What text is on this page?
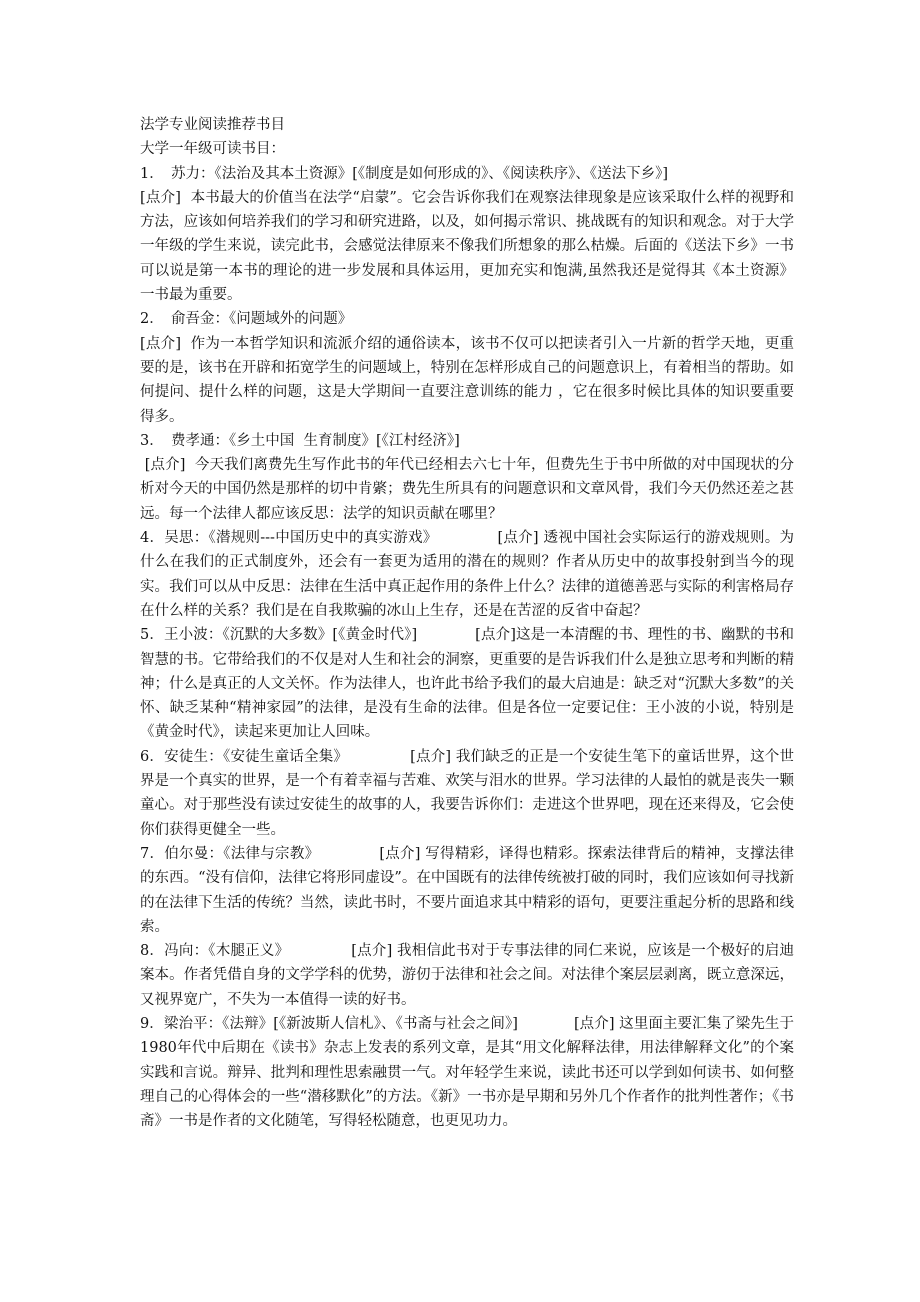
法学专业阅读推荐书目
大学一年级可读书目：

1．　苏力：《法治及其本土资源》[《制度是如何形成的》、《阅读秩序》、《送法下乡》]
[点介]  本书最大的价值当在法学“启蒙”。它会告诉你我们在观察法律现象是应该采取什么样的视野和方法，应该如何培养我们的学习和研究进路，以及，如何揭示常识、挑战既有的知识和观念。对于大学一年级的学生来说，读完此书，会感觉法律原来不像我们所想象的那么枯燥。后面的《送法下乡》一书可以说是第一本书的理论的进一步发展和具体运用，更加充实和饱满,虽然我还是觉得其《本土资源》一书最为重要。

2．　俞吾金：《问题域外的问题》
[点介]  作为一本哲学知识和流派介绍的通俗读本，该书不仅可以把读者引入一片新的哲学天地，更重要的是，该书在开辟和拓宽学生的问题域上，特别在怎样形成自己的问题意识上，有着相当的帮助。如何提问、提什么样的问题，这是大学期间一直要注意训练的能力 ，它在很多时候比具体的知识要重要得多。

3．　费孝通：《乡土中国  生育制度》[《江村经济》]
[点介]  今天我们离费先生写作此书的年代已经相去六七十年，但费先生于书中所做的对中国现状的分析对今天的中国仍然是那样的切中肯綮；费先生所具有的问题意识和文章风骨，我们今天仍然还差之甚远。每一个法律人都应该反思：法学的知识贡献在哪里？

4．吴思：《潜规则---中国历史中的真实游戏》	[点介] 透视中国社会实际运行的游戏规则。为什么在我们的正式制度外，还会有一套更为适用的潜在的规则？作者从历史中的故事投射到当今的现实。我们可以从中反思：法律在生活中真正起作用的条件上什么？法律的道德善恶与实际的利害格局存在什么样的关系？我们是在自我欺骗的冰山上生存，还是在苦涩的反省中奋起？

5．王小波：《沉默的大多数》[《黄金时代》]	[点介]这是一本清醒的书、理性的书、幽默的书和智慧的书。它带给我们的不仅是对人生和社会的洞察，更重要的是告诉我们什么是独立思考和判断的精神；什么是真正的人文关怀。作为法律人，也许此书给予我们的最大启迪是：缺乏对“沉默大多数”的关怀、缺乏某种“精神家园”的法律，是没有生命的法律。但是各位一定要记住：王小波的小说，特别是《黄金时代》，读起来更加让人回味。

6．安徒生：《安徒生童话全集》	[点介] 我们缺乏的正是一个安徒生笔下的童话世界，这个世界是一个真实的世界，是一个有着幸福与苦难、欢笑与泪水的世界。学习法律的人最怕的就是丧失一颗童心。对于那些没有读过安徒生的故事的人，我要告诉你们：走进这个世界吧，现在还来得及，它会使你们获得更健全一些。

7．伯尔曼：《法律与宗教》	[点介] 写得精彩，译得也精彩。探索法律背后的精神，支撑法律的东西。“没有信仰，法律它将形同虚设”。在中国既有的法律传统被打破的同时，我们应该如何寻找新的在法律下生活的传统？当然，读此书时，不要片面追求其中精彩的语句，更要注重起分析的思路和线索。

8．冯向：《木腿正义》	[点介] 我相信此书对于专事法律的同仁来说，应该是一个极好的启迪案本。作者凭借自身的文学学科的优势，游仞于法律和社会之间。对法律个案层层剥离，既立意深远，又视界宽广，不失为一本值得一读的好书。

9．梁治平：《法辩》[《新波斯人信札》、《书斋与社会之间》]	[点介] 这里面主要汇集了梁先生于1980年代中后期在《读书》杂志上发表的系列文章，是其“用文化解释法律，用法律解释文化”的个案实践和言说。辩异、批判和理性思索融贯一气。对年轻学生来说，读此书还可以学到如何读书、如何整理自己的心得体会的一些“潜移默化”的方法。《新》一书亦是早期和另外几个作者作的批判性著作；《书斋》一书是作者的文化随笔，写得轻松随意，也更见功力。
